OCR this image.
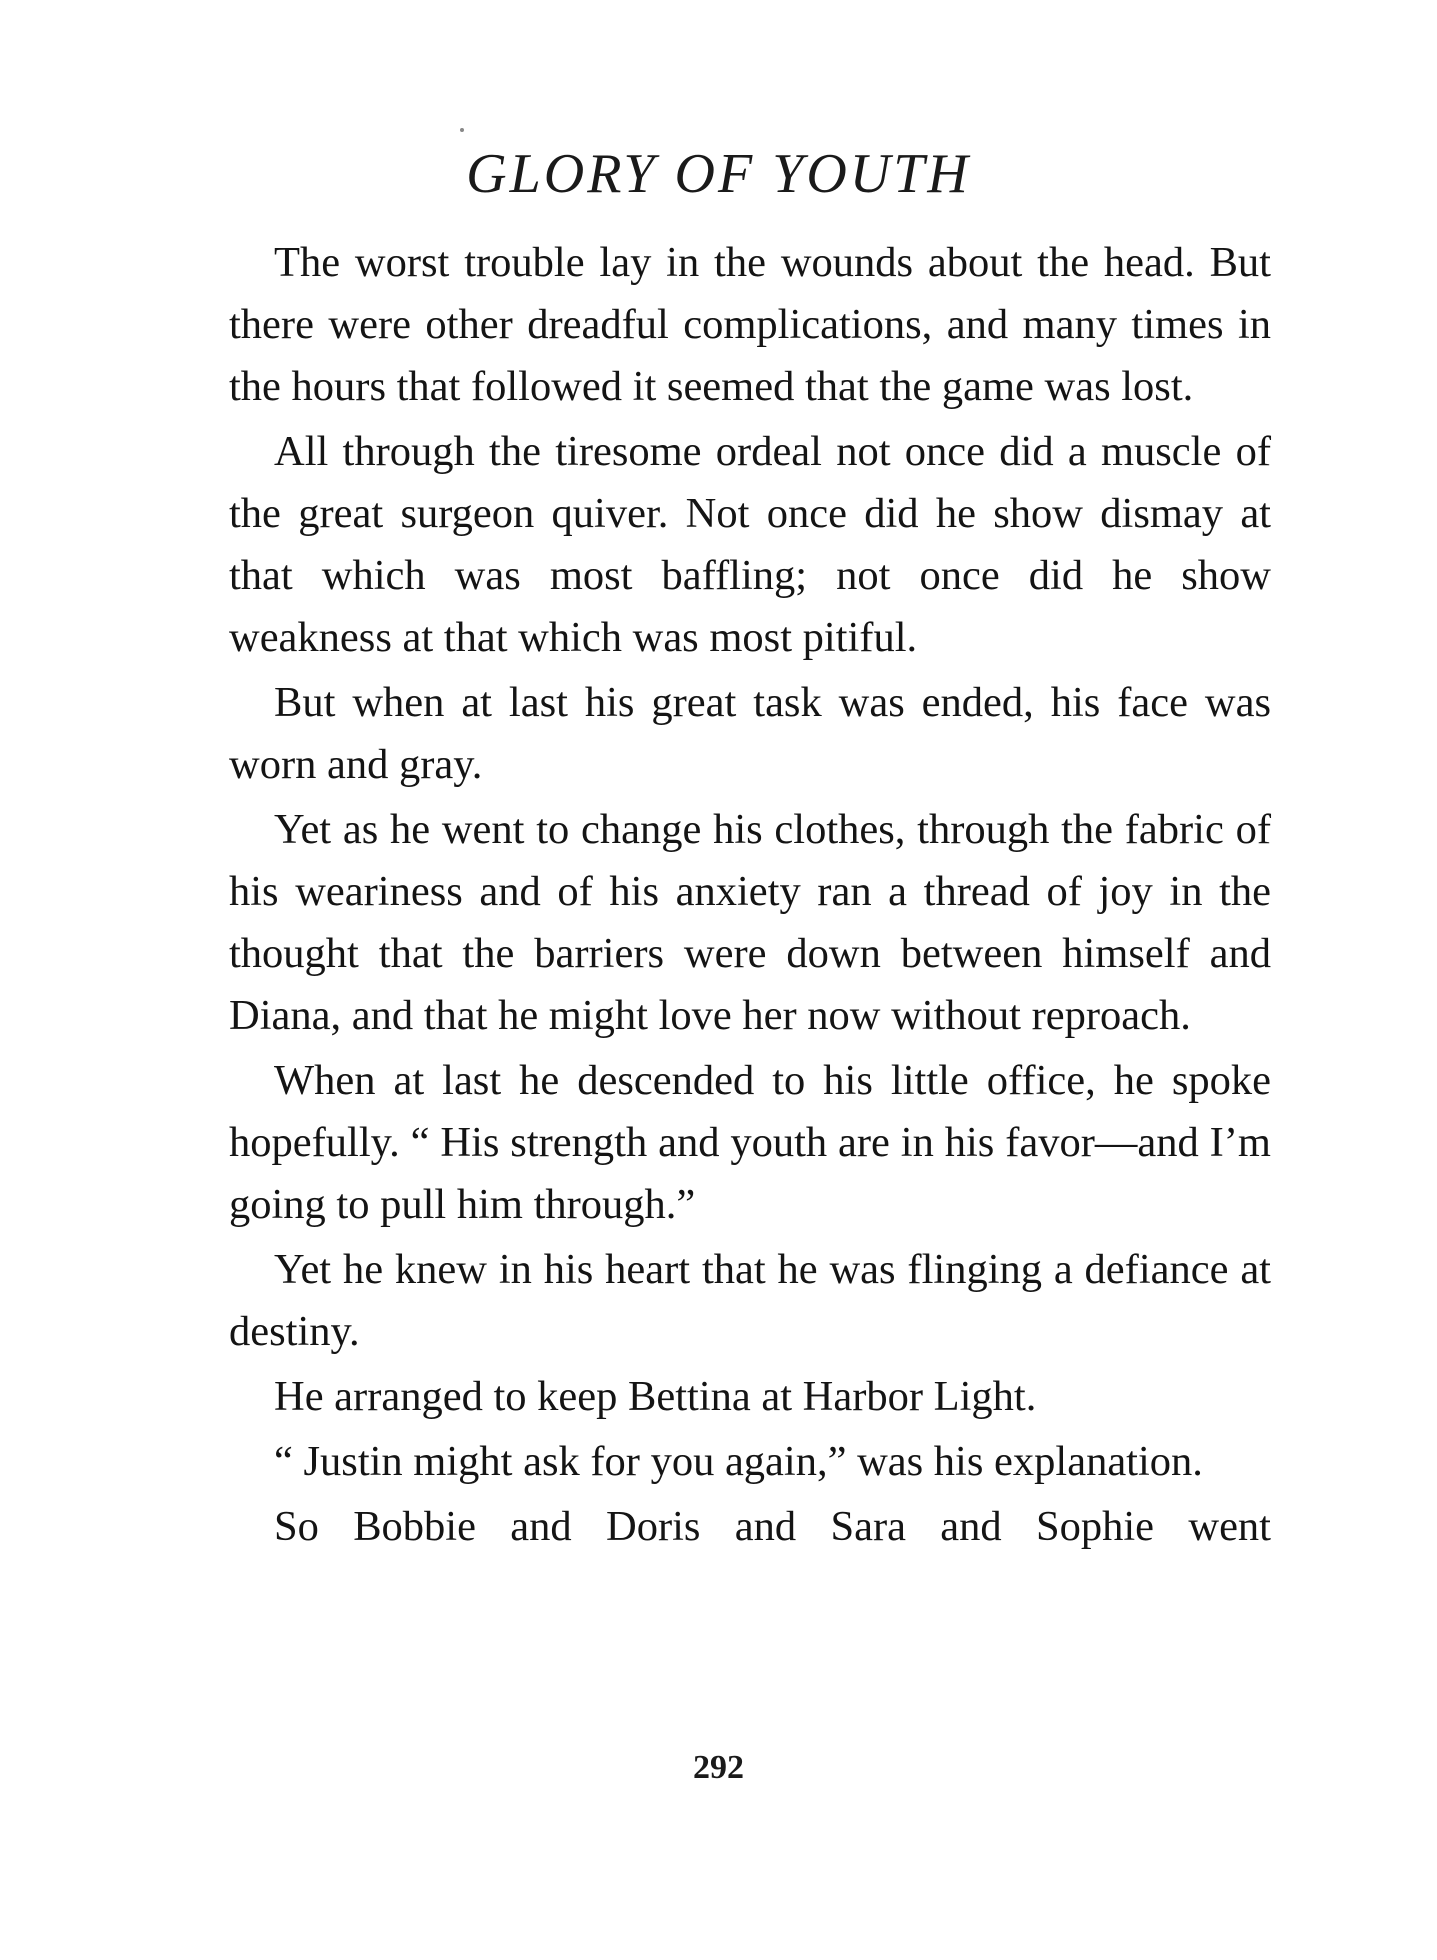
GLORY OF YOUTH

The worst trouble lay in the wounds about the head. But there were other dreadful complications, and many times in the hours that followed it seemed that the game was lost.

All through the tiresome ordeal not once did a muscle of the great surgeon quiver. Not once did he show dismay at that which was most baffling; not once did he show weakness at that which was most pitiful.

But when at last his great task was ended, his face was worn and gray.

Yet as he went to change his clothes, through the fabric of his weariness and of his anxiety ran a thread of joy in the thought that the barriers were down between himself and Diana, and that he might love her now without reproach.

When at last he descended to his little office, he spoke hopefully. “ His strength and youth are in his favor—and I’m going to pull him through.”

Yet he knew in his heart that he was flinging a defiance at destiny.

He arranged to keep Bettina at Harbor Light.

“ Justin might ask for you again,” was his explanation.

So Bobbie and Doris and Sara and Sophie went

292
